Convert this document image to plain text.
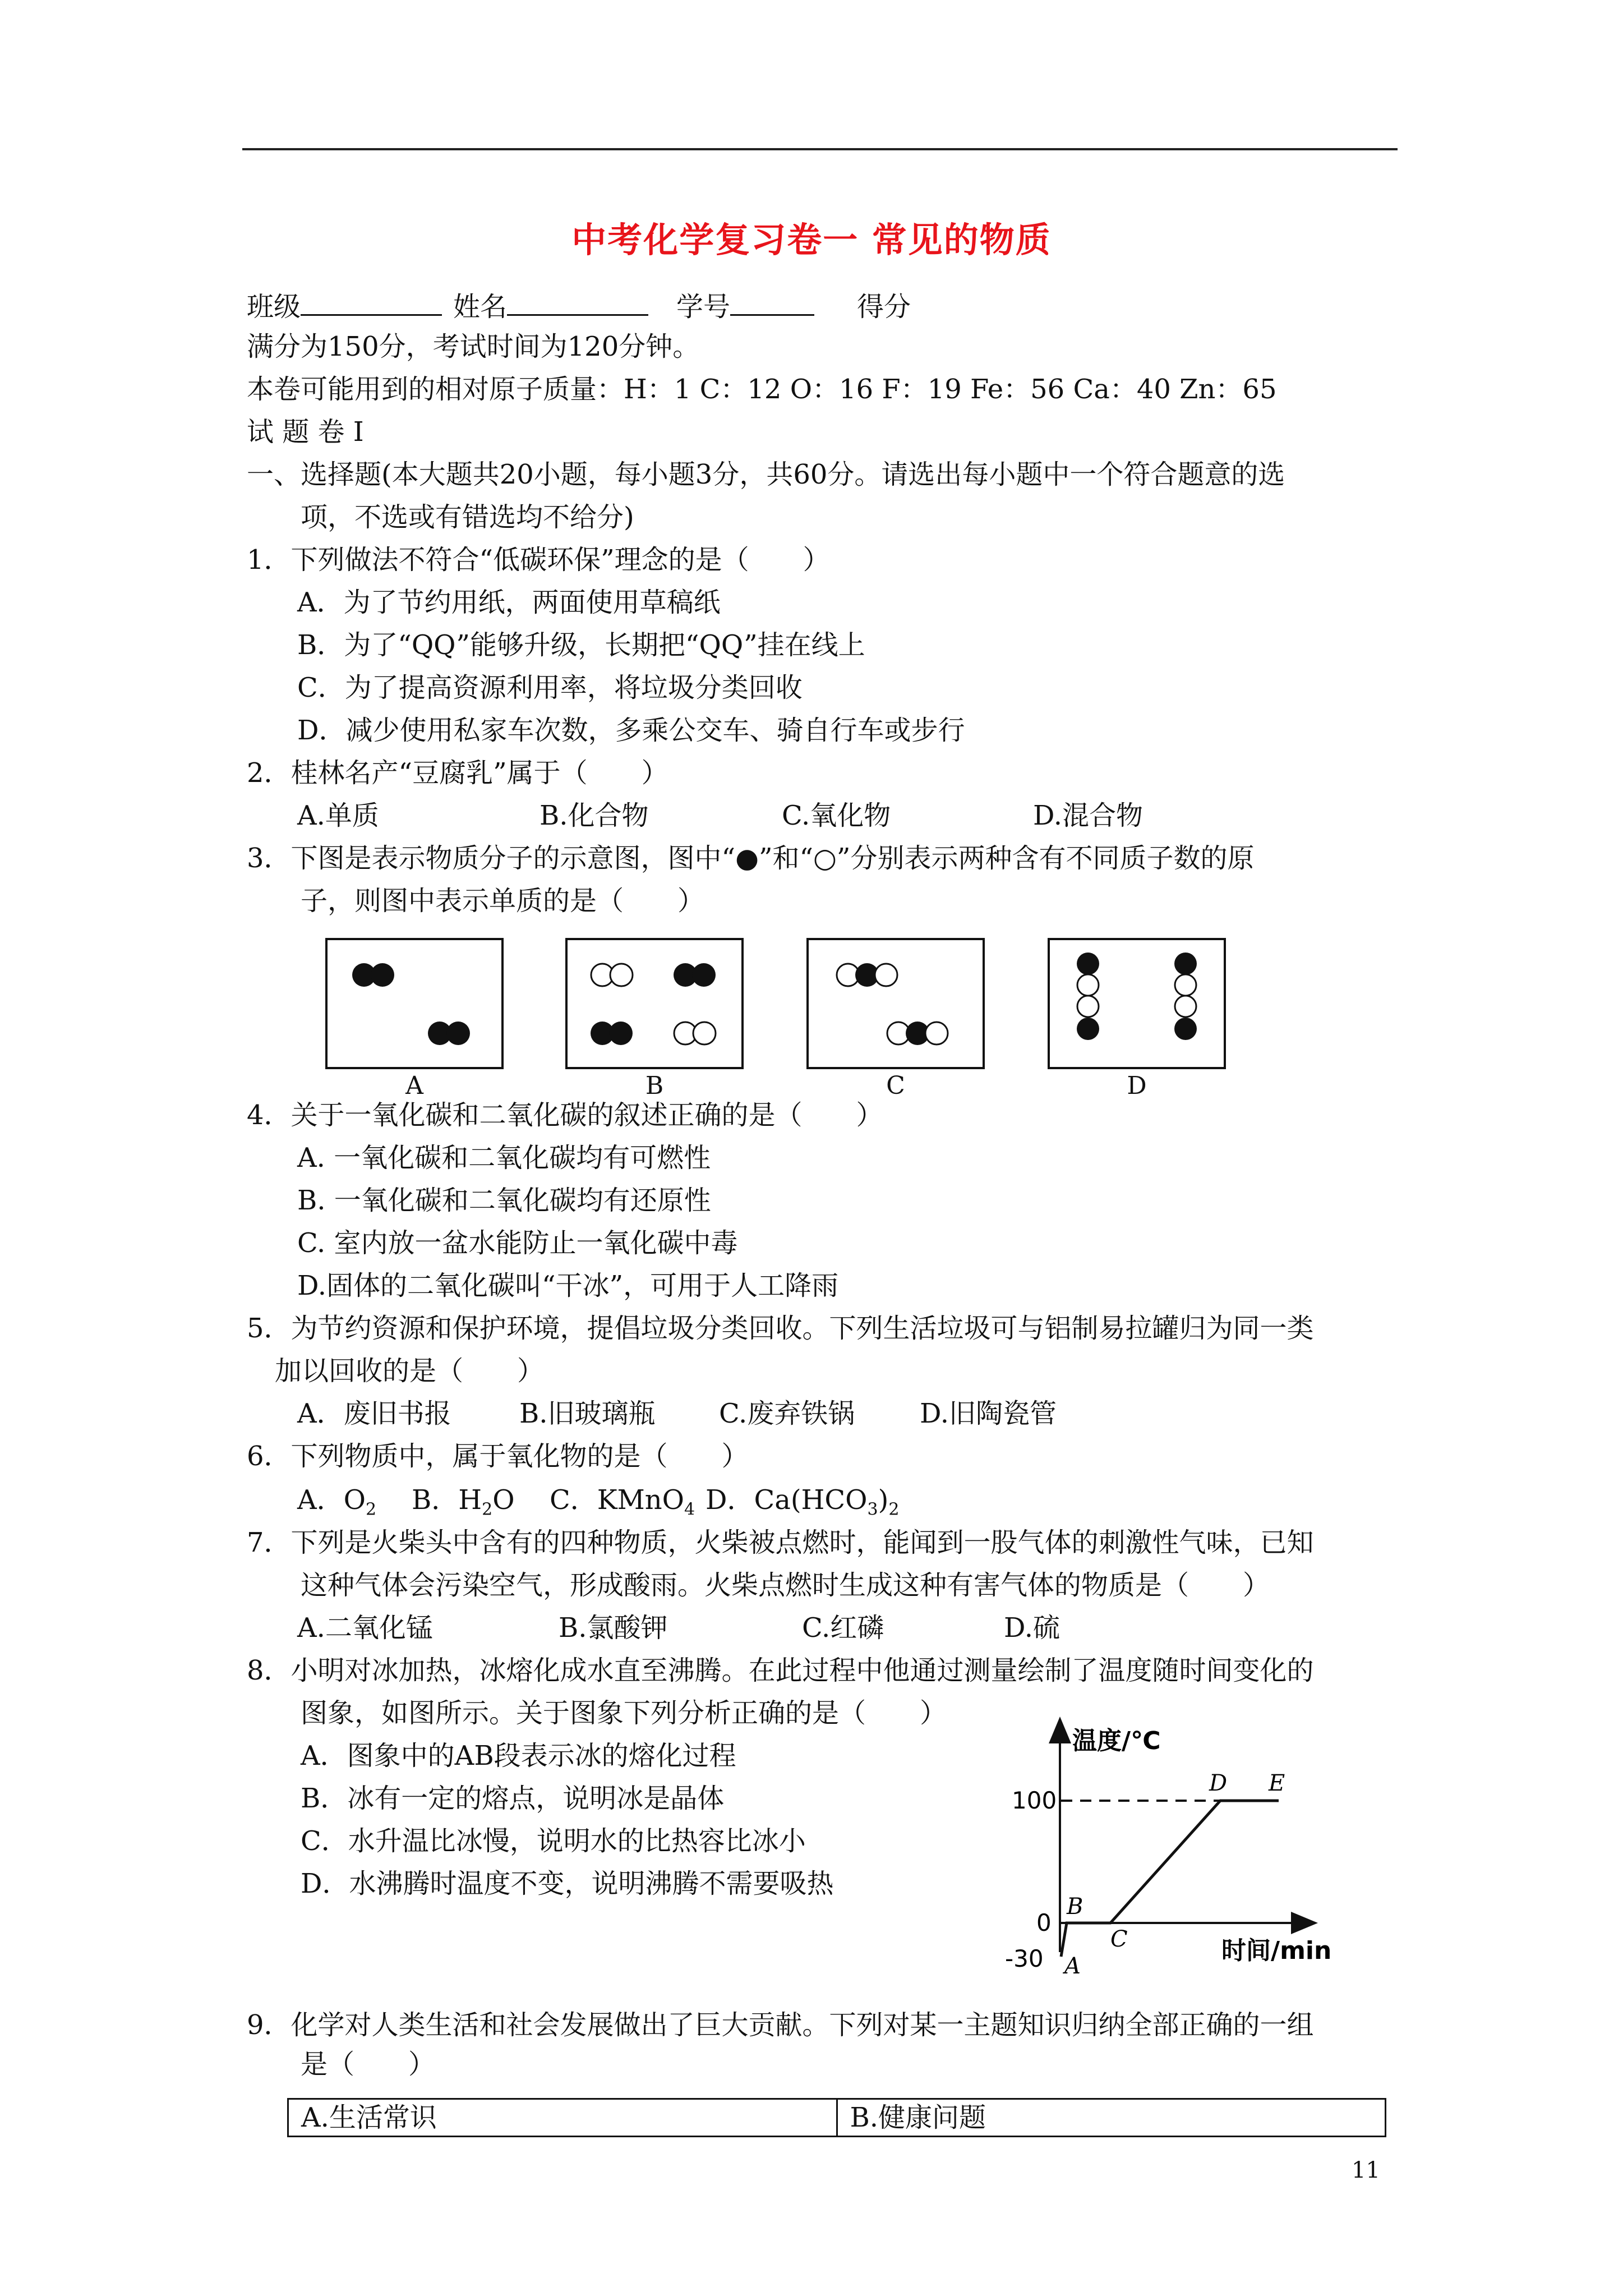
中考化学复习卷一 常见的物质
班级	姓名	学号	得分
满分为150分，考试时间为120分钟。
本卷可能用到的相对原子质量：H：1 C：12 O：16 F：19 Fe：56 Ca：40 Zn：65
试 题 卷 I
一、选择题(本大题共20小题，每小题3分，共60分。请选出每小题中一个符合题意的选
项，不选或有错选均不给分)
1．下列做法不符合“低碳环保”理念的是（　　）
A．为了节约用纸，两面使用草稿纸
B．为了“QQ”能够升级，长期把“QQ”挂在线上
C．为了提高资源利用率，将垃圾分类回收
D．减少使用私家车次数，多乘公交车、骑自行车或步行
2．桂林名产“豆腐乳”属于（　　）
A.单质	B.化合物	C.氧化物	D.混合物
3．下图是表示物质分子的示意图，图中“●”和“○”分别表示两种含有不同质子数的原
子，则图中表示单质的是（　　）
A	B	C	D
4．关于一氧化碳和二氧化碳的叙述正确的是（　　）
A. 一氧化碳和二氧化碳均有可燃性
B. 一氧化碳和二氧化碳均有还原性
C. 室内放一盆水能防止一氧化碳中毒
D.固体的二氧化碳叫“干冰”，可用于人工降雨
5．为节约资源和保护环境，提倡垃圾分类回收。下列生活垃圾可与铝制易拉罐归为同一类
加以回收的是（　　）
A．废旧书报	B.旧玻璃瓶 C.废弃铁锅 D.旧陶瓷管
6．下列物质中，属于氧化物的是（　　）
A．$O_2$ B．$H_2O$ C．KMnO$_4$ D．$Ca(HCO_3)_2$
7．下列是火柴头中含有的四种物质，火柴被点燃时，能闻到一股气体的刺激性气味，已知
这种气体会污染空气，形成酸雨。火柴点燃时生成这种有害气体的物质是（　　）
A.二氧化锰	B.氯酸钾	C.红磷	D.硫
8．小明对冰加热，冰熔化成水直至沸腾。在此过程中他通过测量绘制了温度随时间变化的
图象，如图所示。关于图象下列分析正确的是（　　）
A．图象中的AB段表示冰的熔化过程
B．冰有一定的熔点，说明冰是晶体
C．水升温比冰慢，说明水的比热容比冰小
D．水沸腾时温度不变，说明沸腾不需要吸热
温度/℃
时间/min
100
0
-30 A
B
C
D E
9．化学对人类生活和社会发展做出了巨大贡献。下列对某一主题知识归纳全部正确的一组
是（　　）
A.生活常识	B.健康问题
11
